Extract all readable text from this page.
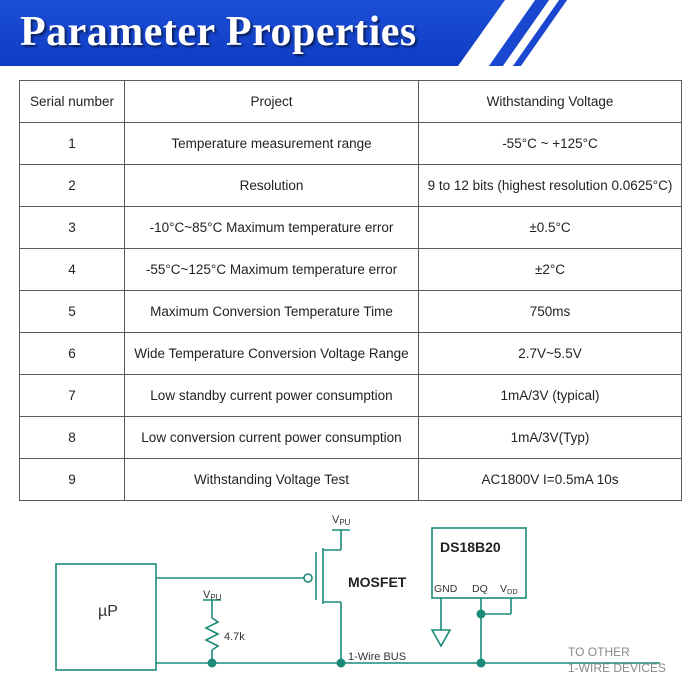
Parameter Properties
Serial number	Project	Withstanding Voltage
1	Temperature measurement range	-55°C ~ +125°C
2	Resolution	9 to 12 bits (highest resolution 0.0625°C)
3	-10°C~85°C Maximum temperature error	±0.5°C
4	-55°C~125°C Maximum temperature error	±2°C
5	Maximum Conversion Temperature Time	750ms
6	Wide Temperature Conversion Voltage Range	2.7V~5.5V
7	Low standby current power consumption	1mA/3V (typical)
8	Low conversion current power consumption	1mA/3V(Typ)
9	Withstanding Voltage Test	AC1800V I=0.5mA 10s
µP
VPU
VPU
4.7k
MOSFET
1-Wire BUS
DS18B20
GND DQ VDD
TO OTHER
1-WIRE DEVICES
